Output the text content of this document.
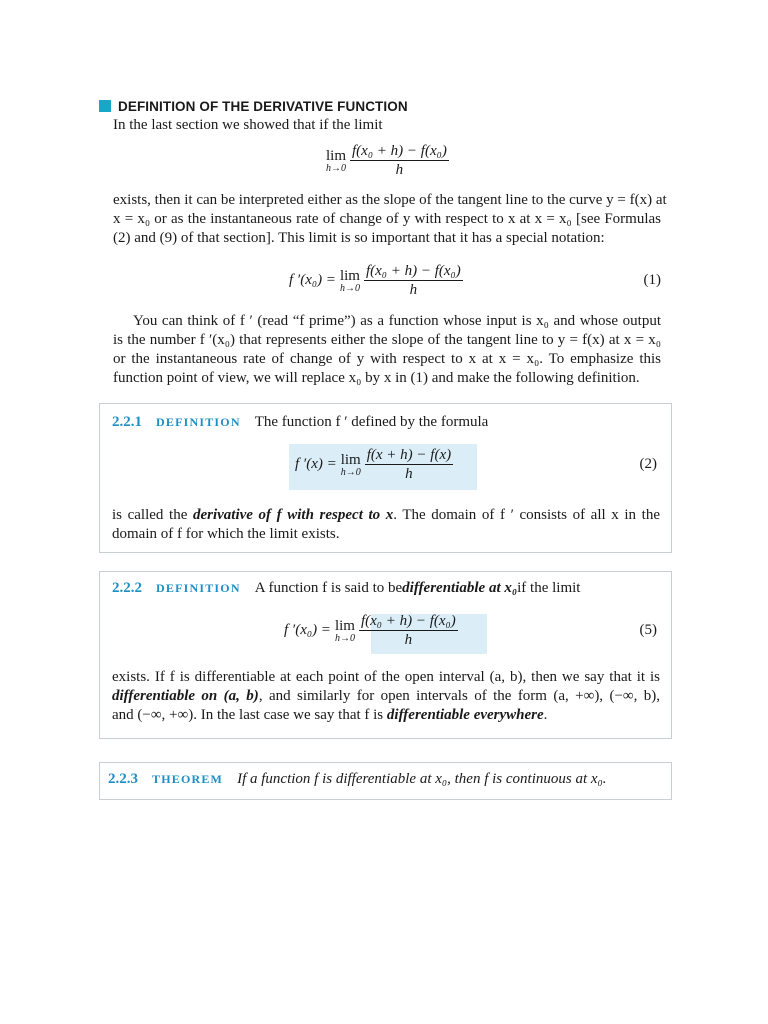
DEFINITION OF THE DERIVATIVE FUNCTION
In the last section we showed that if the limit
lim
$h\to 0 \frac{\text{f(x₀ + h) − f(x₀)}}{h}$
exists, then it can be interpreted either as the slope of the tangent line to the curve y = f(x) at
x = x₀ or as the instantaneous rate of change of y with respect to x at x = x₀ [see Formulas
(2) and (9) of that section]. This limit is so important that it has a special notation:
f ′(x₀) = lim
$h\to 0 \frac{\text{f(x₀ + h) − f(x₀)}}{h}$	(1)
You can think of f ′ (read “f prime”) as a function whose input is x₀ and whose output
is the number f ′(x₀) that represents either the slope of the tangent line to y = f(x) at x = x₀
or the instantaneous rate of change of y with respect to x at x = x₀. To emphasize this
function point of view, we will replace x₀ by x in (1) and make the following definition.
2.2.1 DEFINITION The function f ′ defined by the formula
f ′(x) = lim
$h\to 0 \frac{f(x + h) - f(x)}{h}$	(2)
is called the derivative of f with respect to x. The domain of f ′ consists of all x in the
domain of f for which the limit exists.
2.2.2 DEFINITION A function f is said to be differentiable at x₀ if the limit
f ′(x₀) = lim
$h\to 0 \frac{\text{f(x₀ + h) − f(x₀)}}{h}$	(5)
exists. If f is differentiable at each point of the open interval (a, b), then we say that it is
differentiable on (a, b), and similarly for open intervals of the form (a, +∞), (−∞, b),
and (−∞, +∞). In the last case we say that f is differentiable everywhere.
2.2.3 THEOREM If a function f is differentiable at x₀, then f is continuous at x₀.
